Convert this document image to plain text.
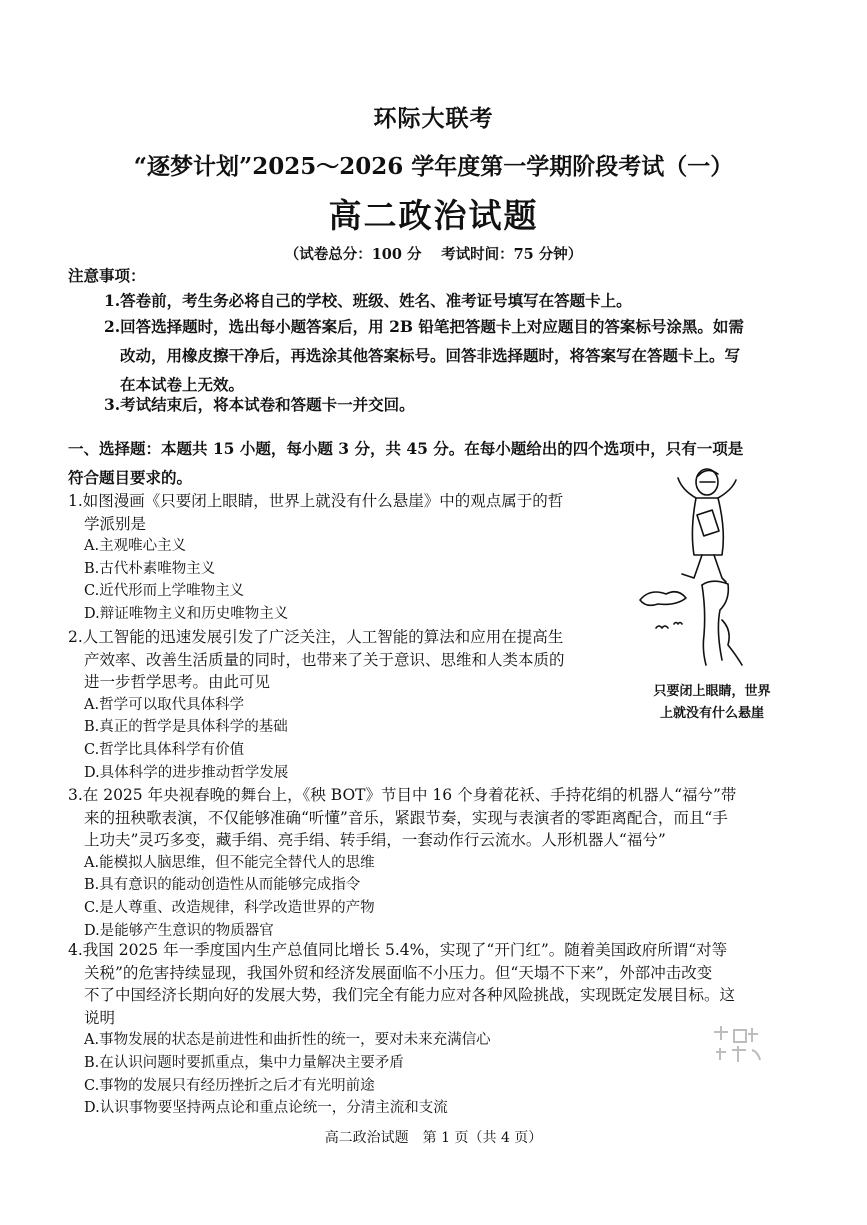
环际大联考
“逐梦计划”2025～2026 学年度第一学期阶段考试（一）
高二政治试题
（试卷总分：100 分　 考试时间：75 分钟）
注意事项：
1.答卷前，考生务必将自己的学校、班级、姓名、准考证号填写在答题卡上。
2.回答选择题时，选出每小题答案后，用 2B 铅笔把答题卡上对应题目的答案标号涂黑。如需
改动，用橡皮擦干净后，再选涂其他答案标号。回答非选择题时，将答案写在答题卡上。写
在本试卷上无效。
3.考试结束后，将本试卷和答题卡一并交回。
一、选择题：本题共 15 小题，每小题 3 分，共 45 分。在每小题给出的四个选项中，只有一项是
符合题目要求的。
只要闭上眼睛，世界
上就没有什么悬崖
1.如图漫画《只要闭上眼睛，世界上就没有什么悬崖》中的观点属于的哲
学派别是
A.主观唯心主义
B.古代朴素唯物主义
C.近代形而上学唯物主义
D.辩证唯物主义和历史唯物主义
2.人工智能的迅速发展引发了广泛关注，人工智能的算法和应用在提高生
产效率、改善生活质量的同时，也带来了关于意识、思维和人类本质的
进一步哲学思考。由此可见
A.哲学可以取代具体科学
B.真正的哲学是具体科学的基础
C.哲学比具体科学有价值
D.具体科学的进步推动哲学发展
3.在 2025 年央视春晚的舞台上，《秧 BOT》节目中 16 个身着花袄、手持花绢的机器人“福兮”带
来的扭秧歌表演，不仅能够准确“听懂”音乐，紧跟节奏，实现与表演者的零距离配合，而且“手
上功夫”灵巧多变，藏手绢、亮手绢、转手绢，一套动作行云流水。人形机器人“福兮”
A.能模拟人脑思维，但不能完全替代人的思维
B.具有意识的能动创造性从而能够完成指令
C.是人尊重、改造规律，科学改造世界的产物
D.是能够产生意识的物质器官
4.我国 2025 年一季度国内生产总值同比增长 5.4%，实现了“开门红”。随着美国政府所谓“对等
关税”的危害持续显现，我国外贸和经济发展面临不小压力。但“天塌不下来”，外部冲击改变
不了中国经济长期向好的发展大势，我们完全有能力应对各种风险挑战，实现既定发展目标。这
说明
A.事物发展的状态是前进性和曲折性的统一，要对未来充满信心
B.在认识问题时要抓重点，集中力量解决主要矛盾
C.事物的发展只有经历挫折之后才有光明前途
D.认识事物要坚持两点论和重点论统一，分清主流和支流
高二政治试题　第 1 页（共 4 页）
